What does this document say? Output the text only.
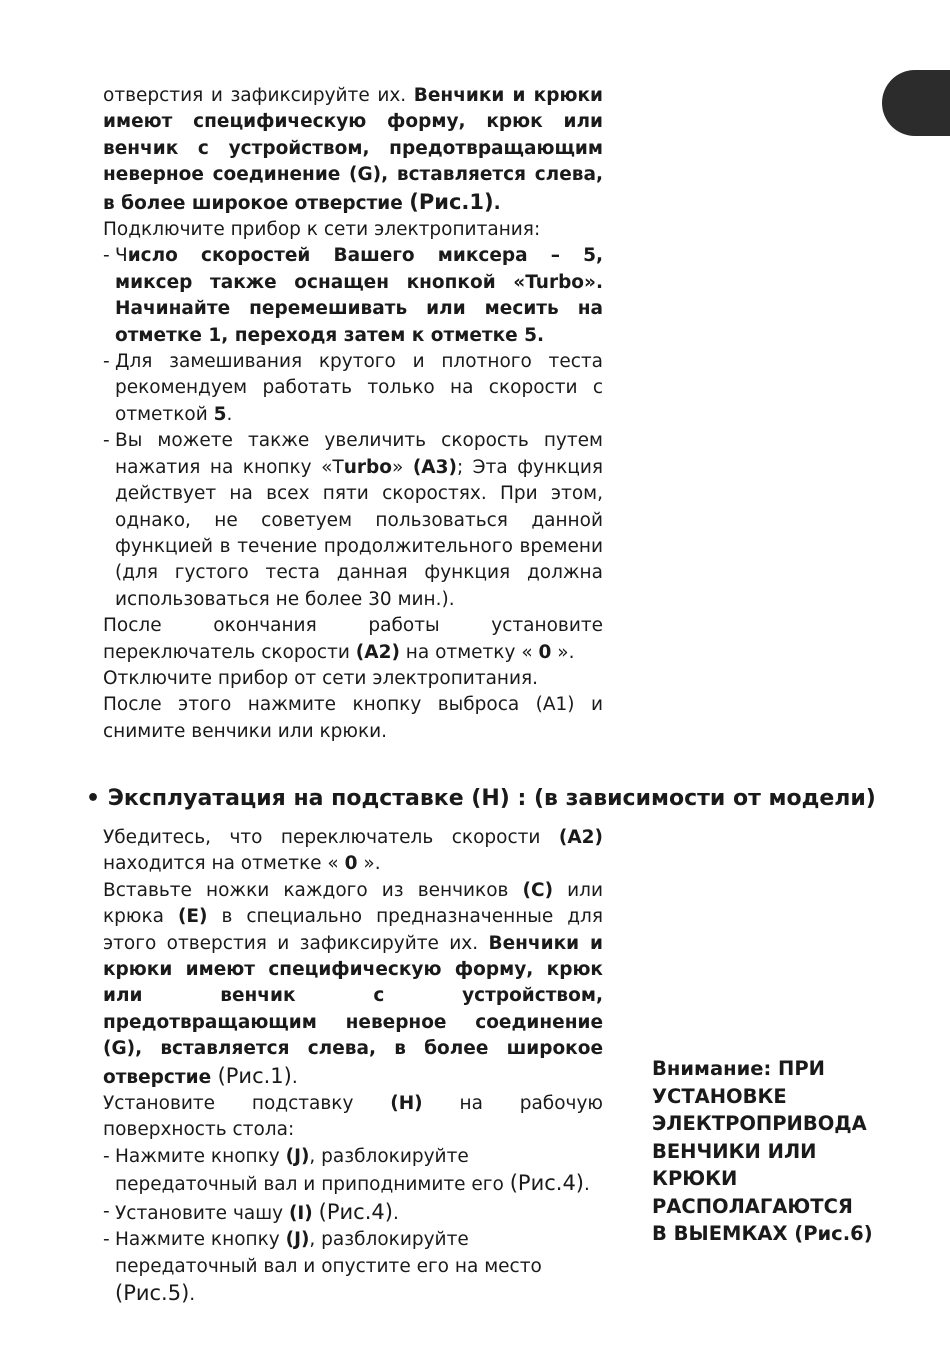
отверстия и зафиксируйте их. Венчики и крюки имеют специфическую форму, крюк или венчик с устройством, предотвращающим неверное соединение (G), вставляется слева, в более широкое отверстие (Рис.1).

Подключите прибор к сети электропитания:

- Число скоростей Вашего миксера – 5, миксер также оснащен кнопкой «Turbo». Начинайте перемешивать или месить на отметке 1, переходя затем к отметке 5.
- Для замешивания крутого и плотного теста рекомендуем работать только на скорости с отметкой 5.
- Вы можете также увеличить скорость путем нажатия на кнопку «Тurbo» (A3); Эта функция действует на всех пяти скоростях. При этом, однако, не советуем пользоваться данной функцией в течение продолжительного времени (для густого теста данная функция должна использоваться не более 30 мин.).

После окончания работы установите переключатель скорости (A2) на отметку « 0 ».

Отключите прибор от сети электропитания.

После этого нажмите кнопку выброса (A1) и снимите венчики или крюки.

• Эксплуатация на подставке (H) : (в зависимости от модели)

Убедитесь, что переключатель скорости (A2) находится на отметке « 0 ».

Вставьте ножки каждого из венчиков (C) или крюка (E) в специально предназначенные для этого отверстия и зафиксируйте их. Венчики и крюки имеют специфическую форму, крюк или венчик с устройством, предотвращающим неверное соединение (G), вставляется слева, в более широкое отверстие (Рис.1).

Установите подставку (H) на рабочую поверхность стола:

- Нажмите кнопку (J), разблокируйте передаточный вал и приподнимите его (Рис.4).
- Установите чашу (I) (Рис.4).
- Нажмите кнопку (J), разблокируйте передаточный вал и опустите его на место (Рис.5).
Внимание: ПРИ
УСТАНОВКЕ
ЭЛЕКТРОПРИВОДА
ВЕНЧИКИ ИЛИ
КРЮКИ
РАСПОЛАГАЮТСЯ
В ВЫЕМКАХ (Рис.6)
